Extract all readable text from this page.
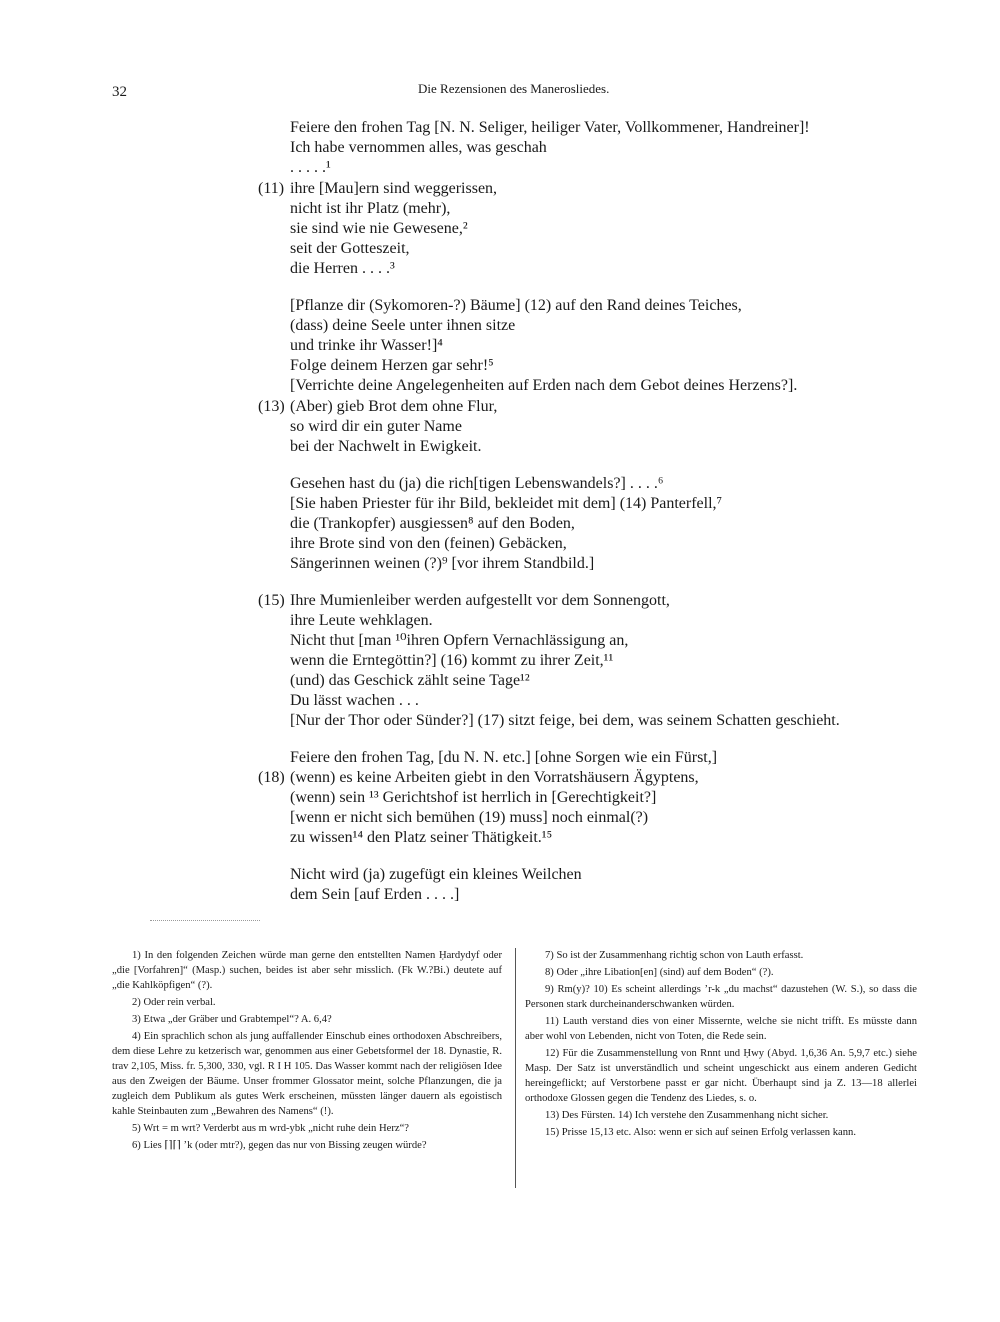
32	Die Rezensionen des Manerosliedes.
Feiere den frohen Tag [N. N. Seliger, heiliger Vater, Vollkommener, Handreiner]!
Ich habe vernommen alles, was geschah
. . . . .¹
(11) ihre [Mau]ern sind weggerissen,
nicht ist ihr Platz (mehr),
sie sind wie nie Gewesene,²
seit der Gotteszeit,
die Herren . . . .³
[Pflanze dir (Sykomoren-?) Bäume] (12) auf den Rand deines Teiches,
(dass) deine Seele unter ihnen sitze
und trinke ihr Wasser!]⁴
Folge deinem Herzen gar sehr!⁵
[Verrichte deine Angelegenheiten auf Erden nach dem Gebot deines Herzens?].
(13) (Aber) gieb Brot dem ohne Flur,
so wird dir ein guter Name
bei der Nachwelt in Ewigkeit.
Gesehen hast du (ja) die rich[tigen Lebenswandels?] . . . .⁶
[Sie haben Priester für ihr Bild, bekleidet mit dem] (14) Panterfell,⁷
die (Trankopfer) ausgiessen⁸ auf den Boden,
ihre Brote sind von den (feinen) Gebäcken,
Sängerinnen weinen (?)⁹ [vor ihrem Standbild.]
(15) Ihre Mumienleiber werden aufgestellt vor dem Sonnengott,
ihre Leute wehklagen.
Nicht thut [man ¹⁰ihren Opfern Vernachlässigung an,
wenn die Erntegöttin?] (16) kommt zu ihrer Zeit,¹¹
(und) das Geschick zählt seine Tage¹²
Du lässt wachen . . .
[Nur der Thor oder Sünder?] (17) sitzt feige, bei dem, was seinem Schatten geschieht.
Feiere den frohen Tag, [du N. N. etc.] [ohne Sorgen wie ein Fürst,]
(18) (wenn) es keine Arbeiten giebt in den Vorratshäusern Ägyptens,
(wenn) sein ¹³ Gerichtshof ist herrlich in [Gerechtigkeit?]
[wenn er nicht sich bemühen (19) muss] noch einmal(?)
zu wissen¹⁴ den Platz seiner Thätigkeit.¹⁵
Nicht wird (ja) zugefügt ein kleines Weilchen
dem Sein [auf Erden . . . .]

1) In den folgenden Zeichen würde man gerne den entstellten Namen Ḥardydyf oder „die [Vorfahren]“ (Masp.) suchen, beides ist aber sehr misslich. (Fk W.?Bi.) deutete auf „die Kahlköpfigen“ (?).

2) Oder rein verbal.

3) Etwa „der Gräber und Grabtempel“? A. 6,4?

4) Ein sprachlich schon als jung auffallender Einschub eines orthodoxen Abschreibers, dem diese Lehre zu ketzerisch war, genommen aus einer Gebetsformel der 18. Dynastie, R. trav 2,105, Miss. fr. 5,300, 330, vgl. R I H 105. Das Wasser kommt nach der religiösen Idee aus den Zweigen der Bäume. Unser frommer Glossator meint, solche Pflanzungen, die ja zugleich dem Publikum als gutes Werk erscheinen, müssten länger dauern als egoistisch kahle Steinbauten zum „Bewahren des Namens“ (!).

5) Wrt = m wrt? Verderbt aus m wrd-ybk „nicht ruhe dein Herz“?

6) Lies ⌈⌉⌈⌉ ’k (oder mtr?), gegen das nur von Bissing zeugen würde?

7) So ist der Zusammenhang richtig schon von Lauth erfasst.

8) Oder „ihre Libation[en] (sind) auf dem Boden“ (?).

9) Rm(y)? 10) Es scheint allerdings ’r-k „du machst“ dazustehen (W. S.), so dass die Personen stark durcheinanderschwanken würden.

11) Lauth verstand dies von einer Missernte, welche sie nicht trifft. Es müsste dann aber wohl von Lebenden, nicht von Toten, die Rede sein.

12) Für die Zusammenstellung von Rnnt und Ḥwy (Abyd. 1,6,36 An. 5,9,7 etc.) siehe Masp. Der Satz ist unverständlich und scheint ungeschickt aus einem anderen Gedicht hereingeflickt; auf Verstorbene passt er gar nicht. Überhaupt sind ja Z. 13—18 allerlei orthodoxe Glossen gegen die Tendenz des Liedes, s. o.

13) Des Fürsten. 14) Ich verstehe den Zusammenhang nicht sicher.

15) Prisse 15,13 etc. Also: wenn er sich auf seinen Erfolg verlassen kann.
